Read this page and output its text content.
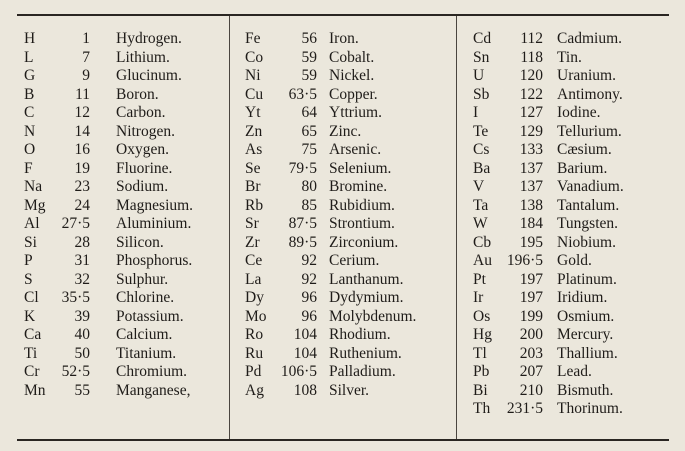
H	1 Hydrogen.
L	7 Lithium.
G	9 Glucinum.
B	11 Boron.
C	12 Carbon.
N	14 Nitrogen.
O	16 Oxygen.
F	19 Fluorine.
Na	23 Sodium.
Mg	24 Magnesium.
Al	27·5 Aluminium.
Si	28 Silicon.
P	31 Phosphorus.
S	32 Sulphur.
Cl	35·5 Chlorine.
K	39 Potassium.
Ca	40 Calcium.
Ti	50 Titanium.
Cr	52·5 Chromium.
Mn	55 Manganese,
Fe	56 Iron.
Co	59 Cobalt.
Ni	59 Nickel.
Cu	63·5 Copper.
Yt	64 Yttrium.
Zn	65 Zinc.
As	75 Arsenic.
Se	79·5 Selenium.
Br	80 Bromine.
Rb	85 Rubidium.
Sr	87·5 Strontium.
Zr	89·5 Zirconium.
Ce	92 Cerium.
La	92 Lanthanum.
Dy	96 Dydymium.
Mo	96 Molybdenum.
Ro	104 Rhodium.
Ru	104 Ruthenium.
Pd	106·5 Palladium.
Ag	108 Silver.
Cd	112 Cadmium.
Sn	118 Tin.
U	120 Uranium.
Sb	122 Antimony.
I	127 Iodine.
Te	129 Tellurium.
Cs	133 Cæsium.
Ba	137 Barium.
V	137 Vanadium.
Ta	138 Tantalum.
W	184 Tungsten.
Cb	195 Niobium.
Au 196·5 Gold.
Pt	197 Platinum.
Ir	197 Iridium.
Os	199 Osmium.
Hg	200 Mercury.
Tl	203 Thallium.
Pb	207 Lead.
Bi	210 Bismuth.
Th	231·5 Thorinum.
